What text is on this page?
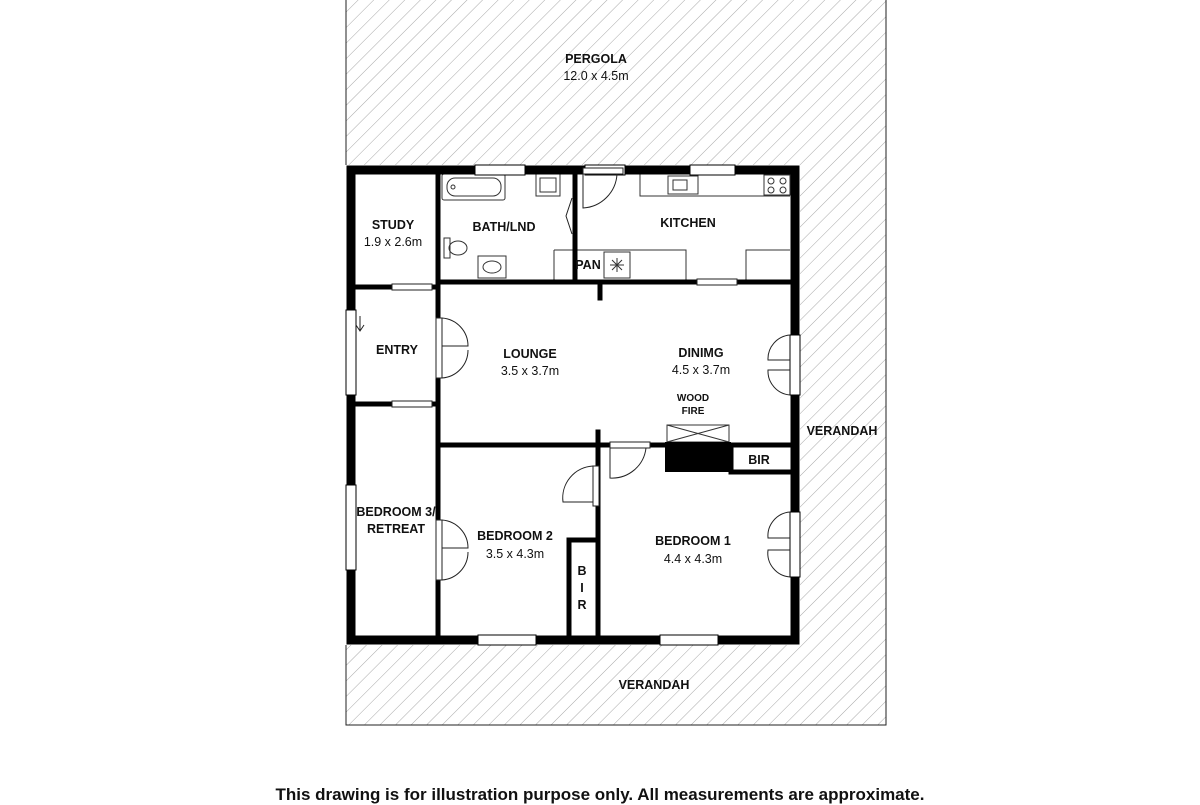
PERGOLA
12.0 x 4.5m
VERANDAH
VERANDAH
STUDY
1.9 x 2.6m
BATH/LND	KITCHEN
PAN
ENTRY	LOUNGE
3.5 x 3.7m
DINIMG
4.5 x 3.7m
WOOD
FIRE
BIR
BEDROOM 3/
RETREAT	BEDROOM 2
3.5 x 4.3m
B
I
R
BEDROOM 1
4.4 x 4.3m
This drawing is for illustration purpose only. All measurements are approximate.
